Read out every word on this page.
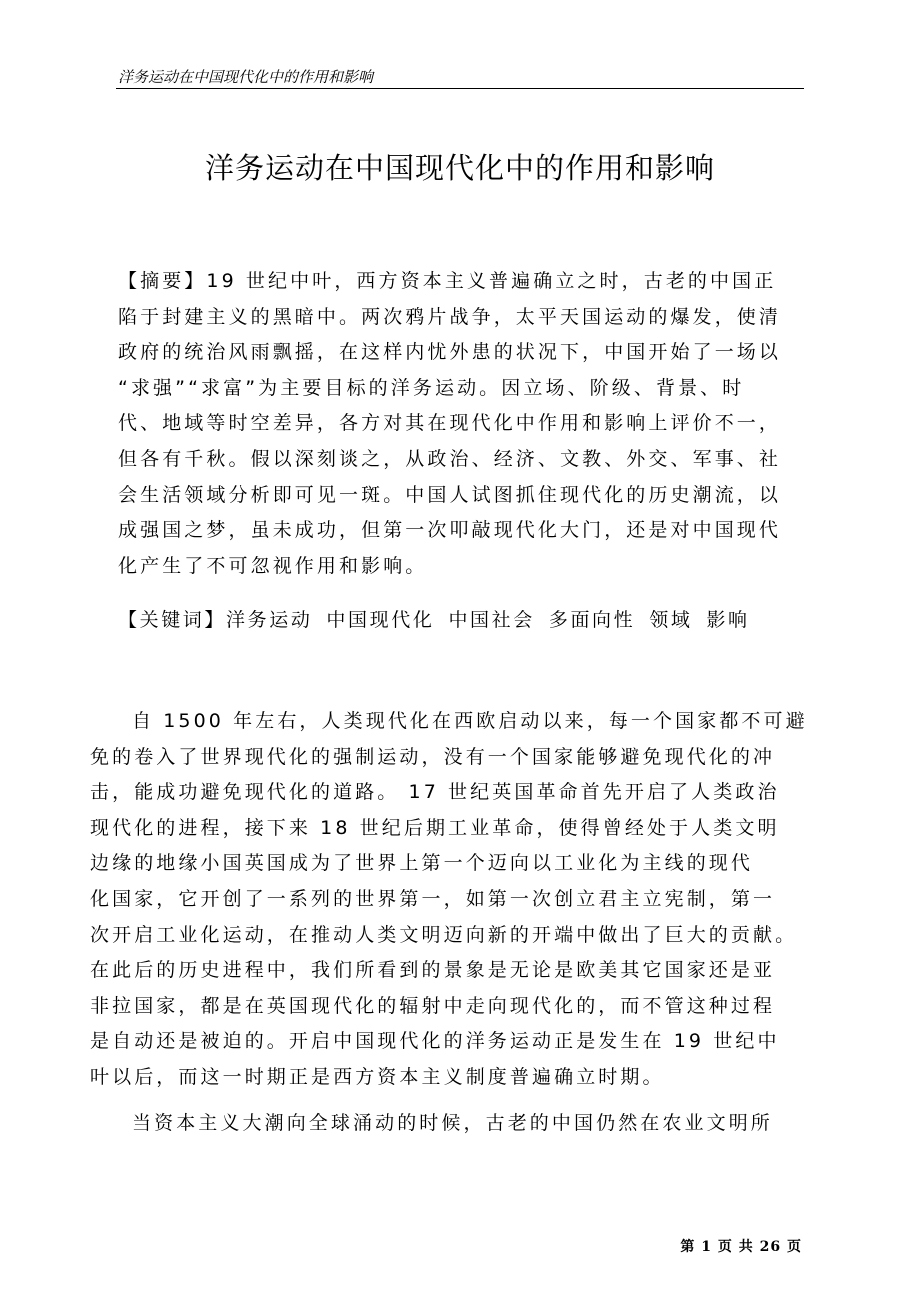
洋务运动在中国现代化中的作用和影响
洋务运动在中国现代化中的作用和影响
【摘要】19 世纪中叶，西方资本主义普遍确立之时，古老的中国正
陷于封建主义的黑暗中。两次鸦片战争，太平天国运动的爆发，使清
政府的统治风雨飘摇，在这样内忧外患的状况下，中国开始了一场以
“求强”“求富”为主要目标的洋务运动。因立场、阶级、背景、时
代、地域等时空差异，各方对其在现代化中作用和影响上评价不一，
但各有千秋。假以深刻谈之，从政治、经济、文教、外交、军事、社
会生活领域分析即可见一斑。中国人试图抓住现代化的历史潮流，以
成强国之梦，虽未成功，但第一次叩敲现代化大门，还是对中国现代
化产生了不可忽视作用和影响。
【关键词】洋务运动 中国现代化 中国社会 多面向性 领域 影响
自 1500 年左右，人类现代化在西欧启动以来，每一个国家都不可避
免的卷入了世界现代化的强制运动，没有一个国家能够避免现代化的冲
击，能成功避免现代化的道路。 17 世纪英国革命首先开启了人类政治
现代化的进程，接下来 18 世纪后期工业革命，使得曾经处于人类文明
边缘的地缘小国英国成为了世界上第一个迈向以工业化为主线的现代
化国家，它开创了一系列的世界第一，如第一次创立君主立宪制，第一
次开启工业化运动，在推动人类文明迈向新的开端中做出了巨大的贡献。
在此后的历史进程中，我们所看到的景象是无论是欧美其它国家还是亚
非拉国家，都是在英国现代化的辐射中走向现代化的，而不管这种过程
是自动还是被迫的。开启中国现代化的洋务运动正是发生在 19 世纪中
叶以后，而这一时期正是西方资本主义制度普遍确立时期。
当资本主义大潮向全球涌动的时候，古老的中国仍然在农业文明所
第 1 页 共 26 页
